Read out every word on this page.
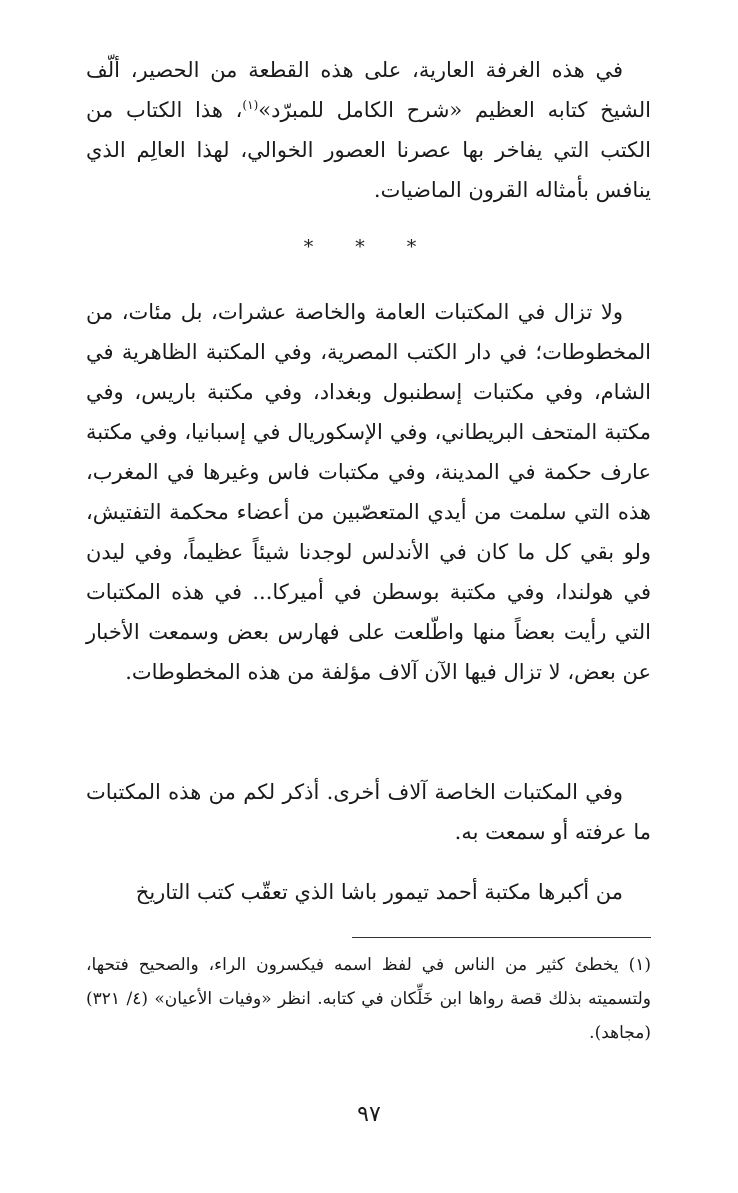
في هذه الغرفة العارية، على هذه القطعة من الحصير، ألّف الشيخ كتابه العظيم «شرح الكامل للمبرّد»$^{(١)}$، هذا الكتاب من الكتب التي يفاخر بها عصرنا العصور الخوالي، لهذا العالِم الذي ينافس بأمثاله القرون الماضيات.

* * *

ولا تزال في المكتبات العامة والخاصة عشرات، بل مئات، من المخطوطات؛ في دار الكتب المصرية، وفي المكتبة الظاهرية في الشام، وفي مكتبات إسطنبول وبغداد، وفي مكتبة باريس، وفي مكتبة المتحف البريطاني، وفي الإسكوريال في إسبانيا، وفي مكتبة عارف حكمة في المدينة، وفي مكتبات فاس وغيرها في المغرب، هذه التي سلمت من أيدي المتعصّبين من أعضاء محكمة التفتيش، ولو بقي كل ما كان في الأندلس لوجدنا شيئاً عظيماً، وفي ليدن في هولندا، وفي مكتبة بوسطن في أميركا... في هذه المكتبات التي رأيت بعضاً منها واطّلعت على فهارس بعض وسمعت الأخبار عن بعض، لا تزال فيها الآن آلاف مؤلفة من هذه المخطوطات.

وفي المكتبات الخاصة آلاف أخرى. أذكر لكم من هذه المكتبات ما عرفته أو سمعت به.

من أكبرها مكتبة أحمد تيمور باشا الذي تعقّب كتب التاريخ

(١) يخطئ كثير من الناس في لفظ اسمه فيكسرون الراء، والصحيح فتحها، ولتسميته بذلك قصة رواها ابن خَلِّكان في كتابه. انظر «وفيات الأعيان» (٤/ ٣٢١) (مجاهد).

٩٧
